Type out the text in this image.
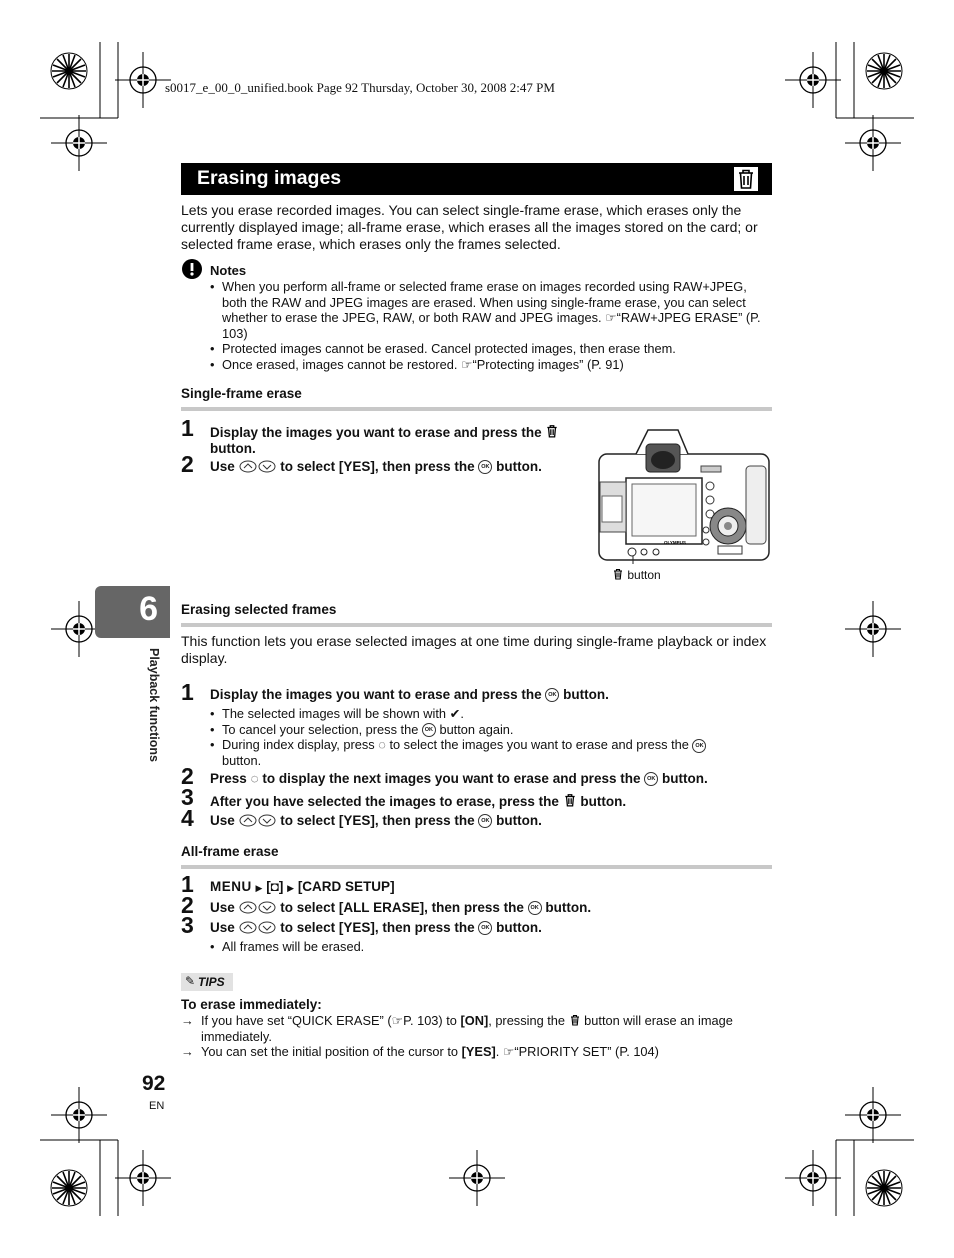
s0017_e_00_0_unified.book Page 92 Thursday, October 30, 2008 2:47 PM
Erasing images

Lets you erase recorded images. You can select single-frame erase, which erases only the currently displayed image; all-frame erase, which erases all the images stored on the card; or selected frame erase, which erases only the frames selected.

Notes
• When you perform all-frame or selected frame erase on images recorded using RAW+JPEG, both the RAW and JPEG images are erased. When using single-frame erase, you can select whether to erase the JPEG, RAW, or both RAW and JPEG images. ☞“RAW+JPEG ERASE” (P. 103)
• Protected images cannot be erased. Cancel protected images, then erase them.
• Once erased, images cannot be restored. ☞“Protecting images” (P. 91)
Single-frame erase
1	Display the images you want to erase and press the  button.
2	Use	to select [YES], then press the OK button.
OLYMPUS
button
6
Playback functions
Erasing selected frames

This function lets you erase selected images at one time during single-frame playback or index display.

1	Display the images you want to erase and press the OK button.
• The selected images will be shown with ✔.
• To cancel your selection, press the OK button again.
• During index display, press ◌ to select the images you want to erase and press the OK
button.
2	Press ◌ to display the next images you want to erase and press the OK button.
3	After you have selected the images to erase, press the button.
4	Use	to select [YES], then press the OK button.
All-frame erase
1	MENU ▶ [◘] ▶ [CARD SETUP]
2	Use	to select [ALL ERASE], then press the OK button.
3	Use	to select [YES], then press the OK button.
• All frames will be erased.
✎ TIPS
To erase immediately:
→ If you have set “QUICK ERASE” (☞P. 103) to [ON], pressing the button will erase an image immediately.
→ You can set the initial position of the cursor to [YES]. ☞“PRIORITY SET” (P. 104)
92
EN
